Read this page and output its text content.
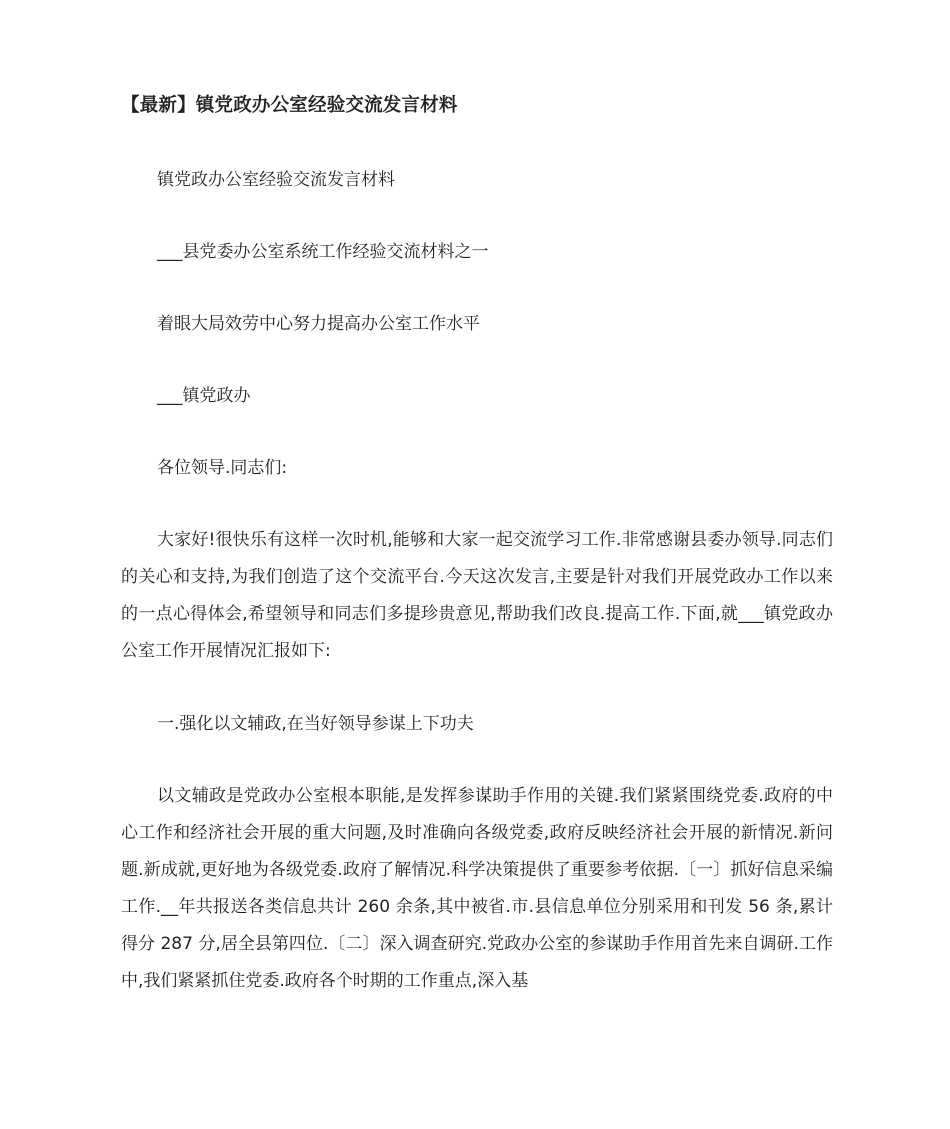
【最新】镇党政办公室经验交流发言材料

镇党政办公室经验交流发言材料

___县党委办公室系统工作经验交流材料之一

着眼大局效劳中心努力提高办公室工作水平

___镇党政办

各位领导.同志们:

大家好!很快乐有这样一次时机,能够和大家一起交流学习工作.非常感谢县委办领导.同志们的关心和支持,为我们创造了这个交流平台.今天这次发言,主要是针对我们开展党政办工作以来的一点心得体会,希望领导和同志们多提珍贵意见,帮助我们改良.提高工作.下面,就___镇党政办公室工作开展情况汇报如下:

一.强化以文辅政,在当好领导参谋上下功夫

以文辅政是党政办公室根本职能,是发挥参谋助手作用的关键.我们紧紧围绕党委.政府的中心工作和经济社会开展的重大问题,及时准确向各级党委,政府反映经济社会开展的新情况.新问题.新成就,更好地为各级党委.政府了解情况.科学决策提供了重要参考依据.〔一〕抓好信息采编工作.__年共报送各类信息共计 260 余条,其中被省.市.县信息单位分别采用和刊发 56 条,累计得分 287 分,居全县第四位.〔二〕深入调查研究.党政办公室的参谋助手作用首先来自调研.工作中,我们紧紧抓住党委.政府各个时期的工作重点,深入基
